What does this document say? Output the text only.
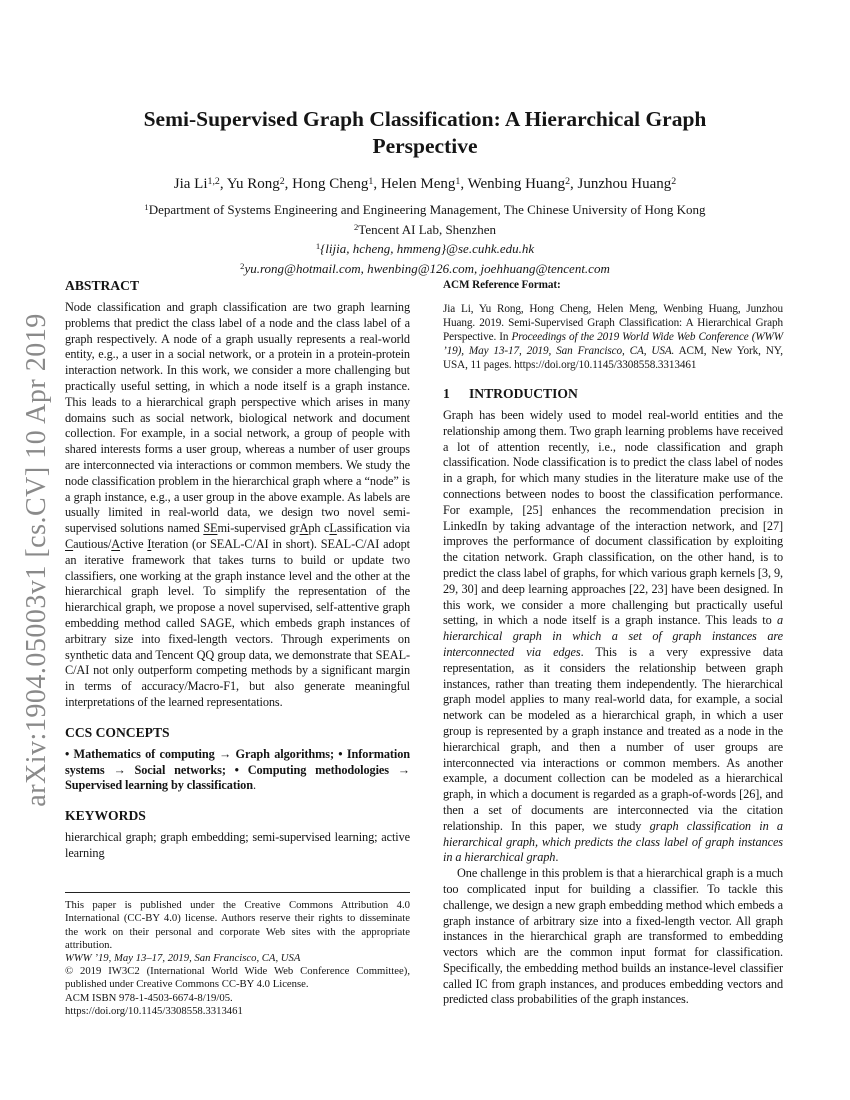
arXiv:1904.05003v1 [cs.CV] 10 Apr 2019
Semi-Supervised Graph Classification: A Hierarchical Graph Perspective
Jia Li$^{1,2}$, Yu Rong$^2$, Hong Cheng$^1$, Helen Meng$^1$, Wenbing Huang$^2$, Junzhou Huang$^2$
$^1$Department of Systems Engineering and Engineering Management, The Chinese University of Hong Kong
$^2$Tencent AI Lab, Shenzhen
$^1${lijia, hcheng, hmmeng}@se.cuhk.edu.hk
$^2$yu.rong@hotmail.com, hwenbing@126.com, joehhuang@tencent.com
ABSTRACT

Node classification and graph classification are two graph learning problems that predict the class label of a node and the class label of a graph respectively. A node of a graph usually represents a real-world entity, e.g., a user in a social network, or a protein in a protein-protein interaction network. In this work, we consider a more challenging but practically useful setting, in which a node itself is a graph instance. This leads to a hierarchical graph perspective which arises in many domains such as social network, biological network and document collection. For example, in a social network, a group of people with shared interests forms a user group, whereas a number of user groups are interconnected via interactions or common members. We study the node classification problem in the hierarchical graph where a “node” is a graph instance, e.g., a user group in the above example. As labels are usually limited in real-world data, we design two novel semi-supervised solutions named SEmi-supervised grAph cLassification via Cautious/Active Iteration (or SEAL-C/AI in short). SEAL-C/AI adopt an iterative framework that takes turns to build or update two classifiers, one working at the graph instance level and the other at the hierarchical graph level. To simplify the representation of the hierarchical graph, we propose a novel supervised, self-attentive graph embedding method called SAGE, which embeds graph instances of arbitrary size into fixed-length vectors. Through experiments on synthetic data and Tencent QQ group data, we demonstrate that SEAL-C/AI not only outperform competing methods by a significant margin in terms of accuracy/Macro-F1, but also generate meaningful interpretations of the learned representations.

CCS CONCEPTS

• Mathematics of computing → Graph algorithms; • Information systems → Social networks; • Computing methodologies → Supervised learning by classification.

KEYWORDS

hierarchical graph; graph embedding; semi-supervised learning; active learning

This paper is published under the Creative Commons Attribution 4.0 International (CC-BY 4.0) license. Authors reserve their rights to disseminate the work on their personal and corporate Web sites with the appropriate attribution.

WWW ’19, May 13–17, 2019, San Francisco, CA, USA

© 2019 IW3C2 (International World Wide Web Conference Committee), published under Creative Commons CC-BY 4.0 License.

ACM ISBN 978-1-4503-6674-8/19/05.

https://doi.org/10.1145/3308558.3313461

ACM Reference Format:

Jia Li, Yu Rong, Hong Cheng, Helen Meng, Wenbing Huang, Junzhou Huang. 2019. Semi-Supervised Graph Classification: A Hierarchical Graph Perspective. In Proceedings of the 2019 World Wide Web Conference (WWW ’19), May 13-17, 2019, San Francisco, CA, USA. ACM, New York, NY, USA, 11 pages. https://doi.org/10.1145/3308558.3313461

1 INTRODUCTION

Graph has been widely used to model real-world entities and the relationship among them. Two graph learning problems have received a lot of attention recently, i.e., node classification and graph classification. Node classification is to predict the class label of nodes in a graph, for which many studies in the literature make use of the connections between nodes to boost the classification performance. For example, [25] enhances the recommendation precision in LinkedIn by taking advantage of the interaction network, and [27] improves the performance of document classification by exploiting the citation network. Graph classification, on the other hand, is to predict the class label of graphs, for which various graph kernels [3, 9, 29, 30] and deep learning approaches [22, 23] have been designed. In this work, we consider a more challenging but practically useful setting, in which a node itself is a graph instance. This leads to a hierarchical graph in which a set of graph instances are interconnected via edges. This is a very expressive data representation, as it considers the relationship between graph instances, rather than treating them independently. The hierarchical graph model applies to many real-world data, for example, a social network can be modeled as a hierarchical graph, in which a user group is represented by a graph instance and treated as a node in the hierarchical graph, and then a number of user groups are interconnected via interactions or common members. As another example, a document collection can be modeled as a hierarchical graph, in which a document is regarded as a graph-of-words [26], and then a set of documents are interconnected via the citation relationship. In this paper, we study graph classification in a hierarchical graph, which predicts the class label of graph instances in a hierarchical graph.

One challenge in this problem is that a hierarchical graph is a much too complicated input for building a classifier. To tackle this challenge, we design a new graph embedding method which embeds a graph instance of arbitrary size into a fixed-length vector. All graph instances in the hierarchical graph are transformed to embedding vectors which are the common input format for classification. Specifically, the embedding method builds an instance-level classifier called IC from graph instances, and produces embedding vectors and predicted class probabilities of the graph instances.
